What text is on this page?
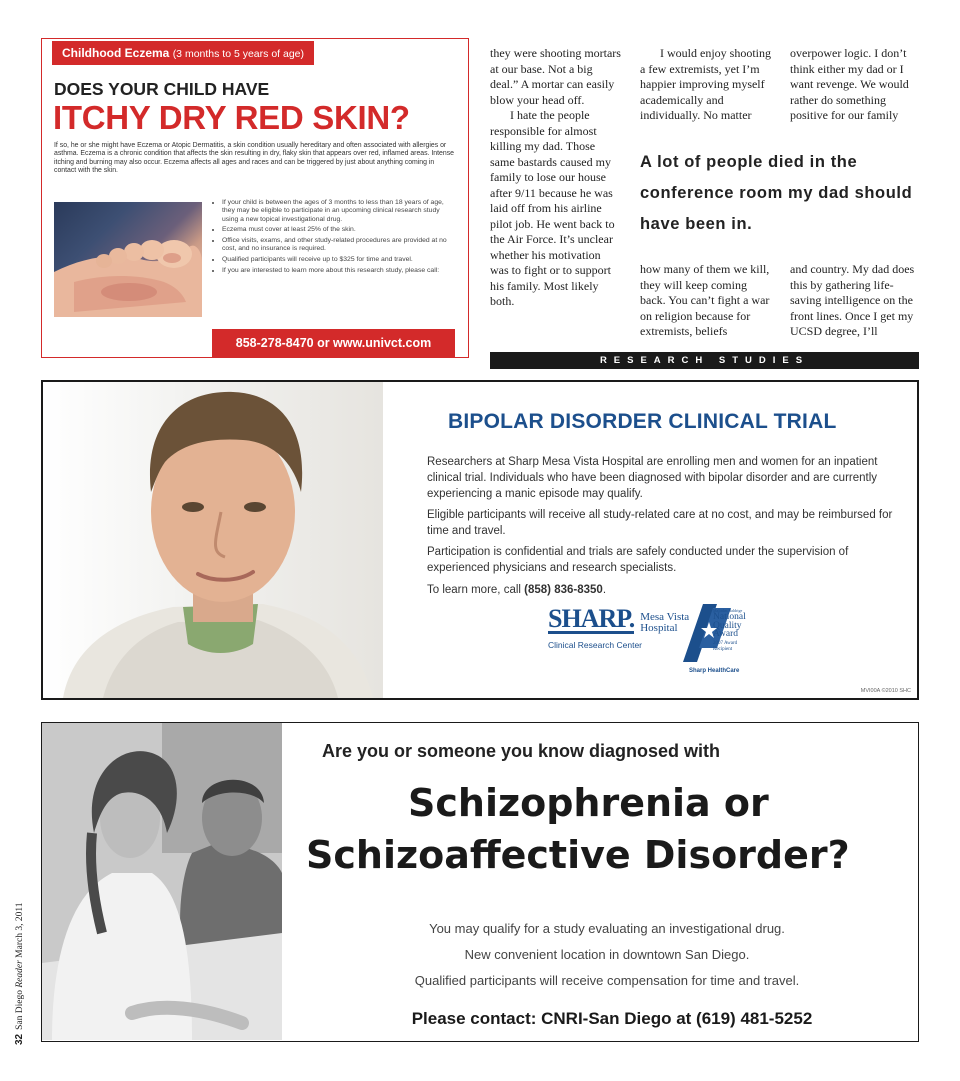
Childhood Eczema (3 months to 5 years of age)
DOES YOUR CHILD HAVE
ITCHY DRY RED SKIN?
If so, he or she might have Eczema or Atopic Dermatitis, a skin condition usually hereditary and often associated with allergies or asthma. Eczema is a chronic condition that affects the skin resulting in dry, flaky skin that appears over red, inflamed areas. Intense itching and burning may also occur. Eczema affects all ages and races and can be triggered by just about anything coming in contact with the skin.
• If your child is between the ages of 3 months to less than 18 years of age, they may be eligible to participate in an upcoming clinical research study using a new topical investigational drug.
• Eczema must cover at least 25% of the skin.
• Office visits, exams, and other study-related procedures are provided at no cost, and no insurance is required.
• Qualified participants will receive up to $325 for time and travel.
• If you are interested to learn more about this research study, please call:
858-278-8470 or www.univct.com

they were shooting mortars at our base. Not a big deal.” A mortar can easily blow your head off.

I hate the people responsible for almost killing my dad. Those same bastards caused my family to lose our house after 9/11 because he was laid off from his airline pilot job. He went back to the Air Force. It’s unclear whether his motivation was to fight or to support his family. Most likely both.

I would enjoy shooting a few extremists, yet I’m happier improving myself academically and individually. No matter

overpower logic. I don’t think either my dad or I want revenge. We would rather do something positive for our family

A lot of people died in the conference room my dad should have been in.

how many of them we kill, they will keep coming back. You can’t fight a war on religion because for extremists, beliefs

and country. My dad does this by gathering life-saving intelligence on the front lines. Once I get my UCSD degree, I’ll

RESEARCH STUDIES
BIPOLAR DISORDER CLINICAL TRIAL

Researchers at Sharp Mesa Vista Hospital are enrolling men and women for an inpatient clinical trial. Individuals who have been diagnosed with bipolar disorder and are currently experiencing a manic episode may qualify.

Eligible participants will receive all study-related care at no cost, and may be reimbursed for time and travel.

Participation is confidential and trials are safely conducted under the supervision of experienced physicians and research specialists.

To learn more, call (858) 836-8350.

SHARP. Mesa Vista
Hospital
Clinical Research Center
Malcolm Baldrige
National
Quality
Award
2007 Award
Recipient
Sharp HealthCare
MVI00A ©2010 SHC
Are you or someone you know diagnosed with
Schizophrenia or
Schizoaffective Disorder?
You may qualify for a study evaluating an investigational drug.
New convenient location in downtown San Diego.
Qualified participants will receive compensation for time and travel.
Please contact: CNRI-San Diego at (619) 481-5252
32San Diego Reader March 3, 2011
